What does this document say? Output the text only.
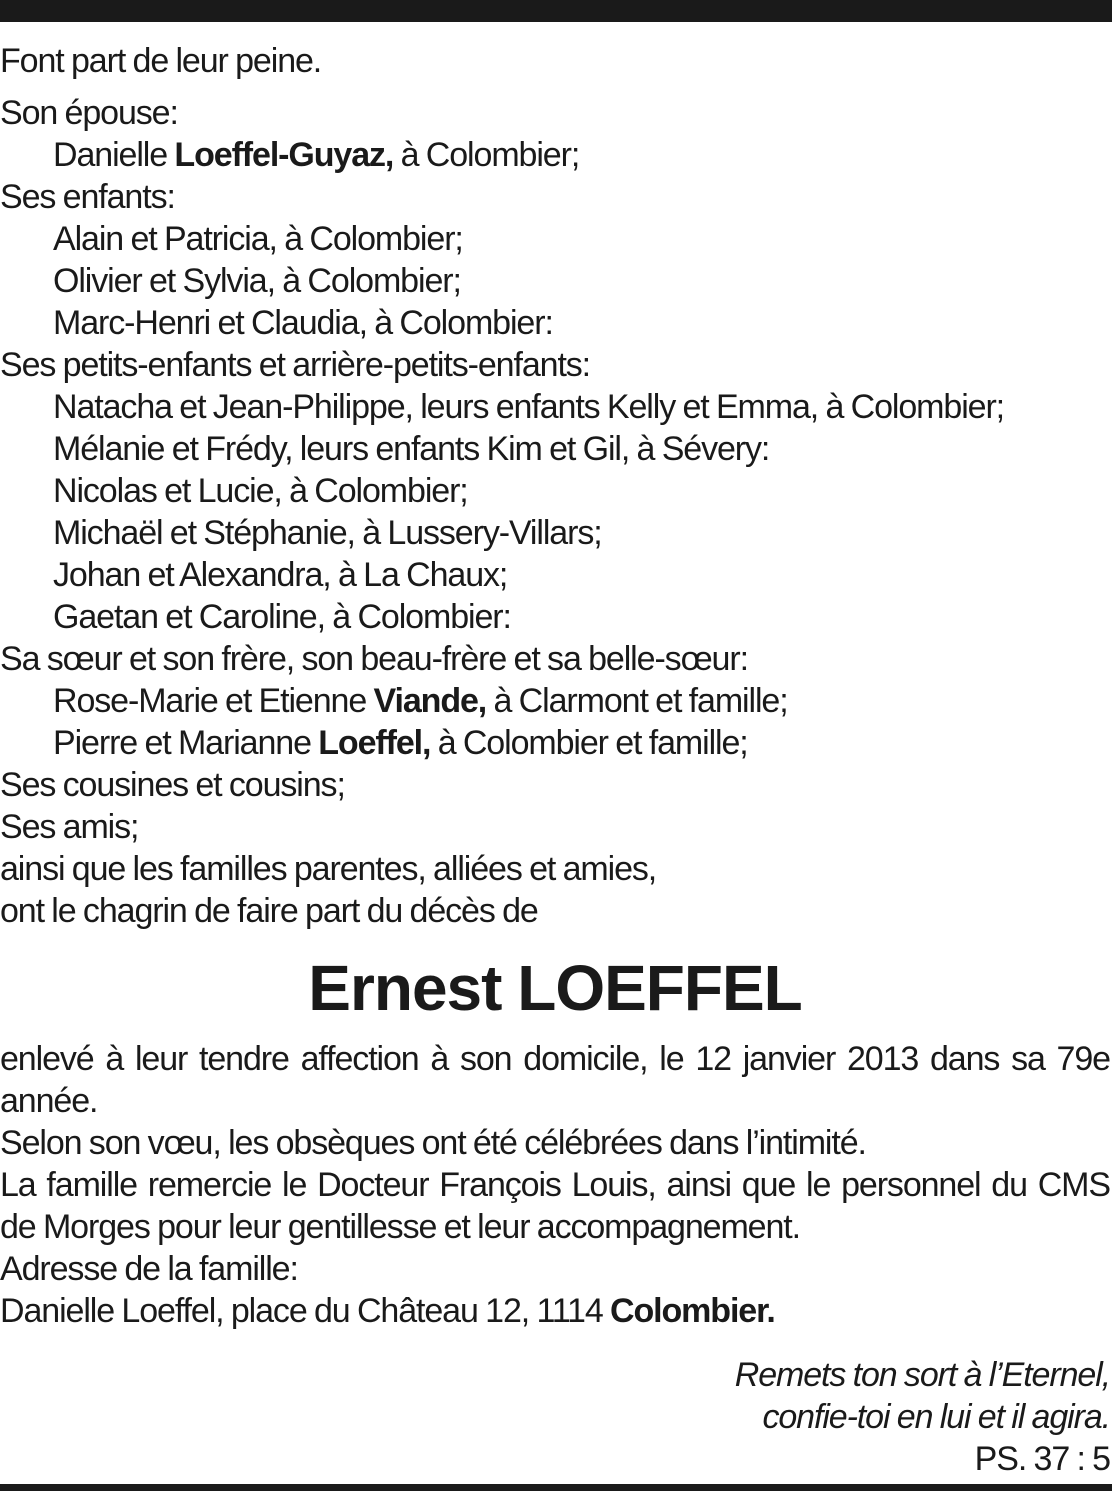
Font part de leur peine.

Son épouse:

Danielle Loeffel-Guyaz, à Colombier;

Ses enfants:

Alain et Patricia, à Colombier;

Olivier et Sylvia, à Colombier;

Marc-Henri et Claudia, à Colombier:

Ses petits-enfants et arrière-petits-enfants:

Natacha et Jean-Philippe, leurs enfants Kelly et Emma, à Colombier;

Mélanie et Frédy, leurs enfants Kim et Gil, à Sévery:

Nicolas et Lucie, à Colombier;

Michaël et Stéphanie, à Lussery-Villars;

Johan et Alexandra, à La Chaux;

Gaetan et Caroline, à Colombier:

Sa sœur et son frère, son beau-frère et sa belle-sœur:

Rose-Marie et Etienne Viande, à Clarmont et famille;

Pierre et Marianne Loeffel, à Colombier et famille;

Ses cousines et cousins;

Ses amis;

ainsi que les familles parentes, alliées et amies,

ont le chagrin de faire part du décès de

Ernest LOEFFEL

enlevé à leur tendre affection à son domicile, le 12 janvier 2013 dans sa 79e année.

Selon son vœu, les obsèques ont été célébrées dans l’intimité.

La famille remercie le Docteur François Louis, ainsi que le personnel du CMS de Morges pour leur gentillesse et leur accompagnement.

Adresse de la famille:

Danielle Loeffel, place du Château 12, 1114 Colombier.

Remets ton sort à l’Eternel,

confie-toi en lui et il agira.

PS. 37 : 5
